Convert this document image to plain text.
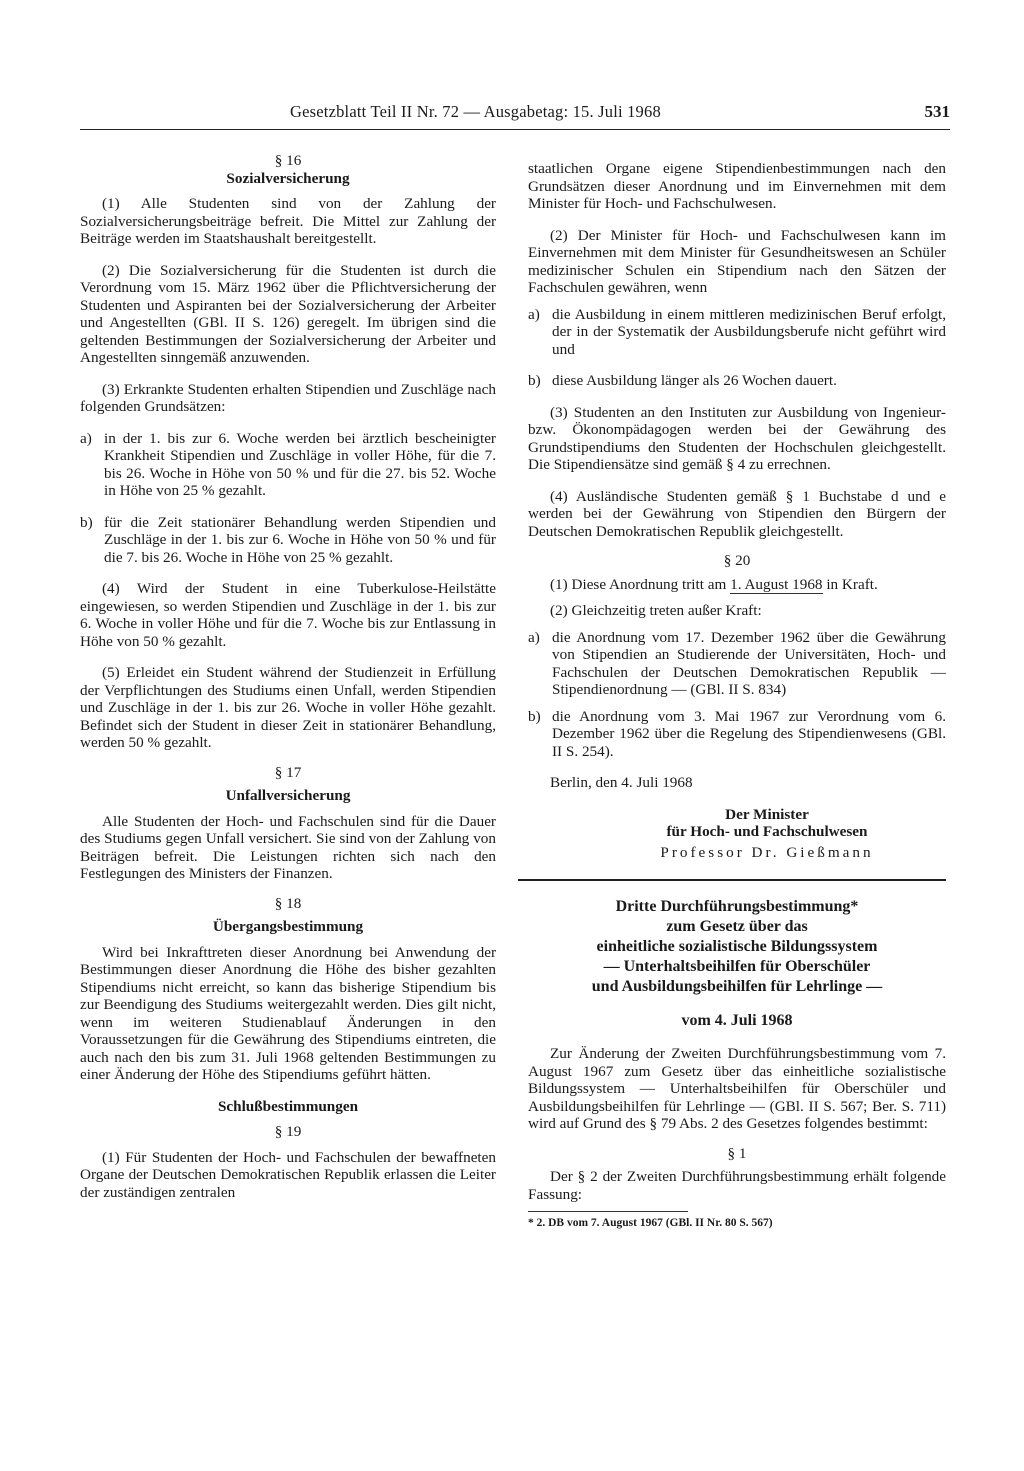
Gesetzblatt Teil II Nr. 72 — Ausgabetag: 15. Juli 1968	531

§ 16

Sozialversicherung

(1) Alle Studenten sind von der Zahlung der Sozialversicherungsbeiträge befreit. Die Mittel zur Zahlung der Beiträge werden im Staatshaushalt bereitgestellt.

(2) Die Sozialversicherung für die Studenten ist durch die Verordnung vom 15. März 1962 über die Pflichtversicherung der Studenten und Aspiranten bei der Sozialversicherung der Arbeiter und Angestellten (GBl. II S. 126) geregelt. Im übrigen sind die geltenden Bestimmungen der Sozialversicherung der Arbeiter und Angestellten sinngemäß anzuwenden.

(3) Erkrankte Studenten erhalten Stipendien und Zuschläge nach folgenden Grundsätzen:

a) in der 1. bis zur 6. Woche werden bei ärztlich bescheinigter Krankheit Stipendien und Zuschläge in voller Höhe, für die 7. bis 26. Woche in Höhe von 50 % und für die 27. bis 52. Woche in Höhe von 25 % gezahlt.
b) für die Zeit stationärer Behandlung werden Stipendien und Zuschläge in der 1. bis zur 6. Woche in Höhe von 50 % und für die 7. bis 26. Woche in Höhe von 25 % gezahlt.

(4) Wird der Student in eine Tuberkulose-Heilstätte eingewiesen, so werden Stipendien und Zuschläge in der 1. bis zur 6. Woche in voller Höhe und für die 7. Woche bis zur Entlassung in Höhe von 50 % gezahlt.

(5) Erleidet ein Student während der Studienzeit in Erfüllung der Verpflichtungen des Studiums einen Unfall, werden Stipendien und Zuschläge in der 1. bis zur 26. Woche in voller Höhe gezahlt. Befindet sich der Student in dieser Zeit in stationärer Behandlung, werden 50 % gezahlt.

§ 17

Unfallversicherung

Alle Studenten der Hoch- und Fachschulen sind für die Dauer des Studiums gegen Unfall versichert. Sie sind von der Zahlung von Beiträgen befreit. Die Leistungen richten sich nach den Festlegungen des Ministers der Finanzen.

§ 18

Übergangsbestimmung

Wird bei Inkrafttreten dieser Anordnung bei Anwendung der Bestimmungen dieser Anordnung die Höhe des bisher gezahlten Stipendiums nicht erreicht, so kann das bisherige Stipendium bis zur Beendigung des Studiums weitergezahlt werden. Dies gilt nicht, wenn im weiteren Studienablauf Änderungen in den Voraussetzungen für die Gewährung des Stipendiums eintreten, die auch nach den bis zum 31. Juli 1968 geltenden Bestimmungen zu einer Änderung der Höhe des Stipendiums geführt hätten.

Schlußbestimmungen

§ 19

(1) Für Studenten der Hoch- und Fachschulen der bewaffneten Organe der Deutschen Demokratischen Republik erlassen die Leiter der zuständigen zentralen

staatlichen Organe eigene Stipendienbestimmungen nach den Grundsätzen dieser Anordnung und im Einvernehmen mit dem Minister für Hoch- und Fachschulwesen.

(2) Der Minister für Hoch- und Fachschulwesen kann im Einvernehmen mit dem Minister für Gesundheitswesen an Schüler medizinischer Schulen ein Stipendium nach den Sätzen der Fachschulen gewähren, wenn

a) die Ausbildung in einem mittleren medizinischen Beruf erfolgt, der in der Systematik der Ausbildungsberufe nicht geführt wird und
b) diese Ausbildung länger als 26 Wochen dauert.

(3) Studenten an den Instituten zur Ausbildung von Ingenieur- bzw. Ökonompädagogen werden bei der Gewährung des Grundstipendiums den Studenten der Hochschulen gleichgestellt. Die Stipendiensätze sind gemäß § 4 zu errechnen.

(4) Ausländische Studenten gemäß § 1 Buchstabe d und e werden bei der Gewährung von Stipendien den Bürgern der Deutschen Demokratischen Republik gleichgestellt.

§ 20

(1) Diese Anordnung tritt am 1. August 1968 in Kraft.

(2) Gleichzeitig treten außer Kraft:

a) die Anordnung vom 17. Dezember 1962 über die Gewährung von Stipendien an Studierende der Universitäten, Hoch- und Fachschulen der Deutschen Demokratischen Republik — Stipendienordnung — (GBl. II S. 834)
b) die Anordnung vom 3. Mai 1967 zur Verordnung vom 6. Dezember 1962 über die Regelung des Stipendienwesens (GBl. II S. 254).

Berlin, den 4. Juli 1968

Der Minister
für Hoch- und Fachschulwesen
Professor Dr. Gießmann
Dritte Durchführungsbestimmung*
zum Gesetz über das
einheitliche sozialistische Bildungssystem
— Unterhaltsbeihilfen für Oberschüler
und Ausbildungsbeihilfen für Lehrlinge —
vom 4. Juli 1968

Zur Änderung der Zweiten Durchführungsbestimmung vom 7. August 1967 zum Gesetz über das einheitliche sozialistische Bildungssystem — Unterhaltsbeihilfen für Oberschüler und Ausbildungsbeihilfen für Lehrlinge — (GBl. II S. 567; Ber. S. 711) wird auf Grund des § 79 Abs. 2 des Gesetzes folgendes bestimmt:

§ 1

Der § 2 der Zweiten Durchführungsbestimmung erhält folgende Fassung:

* 2. DB vom 7. August 1967 (GBl. II Nr. 80 S. 567)
